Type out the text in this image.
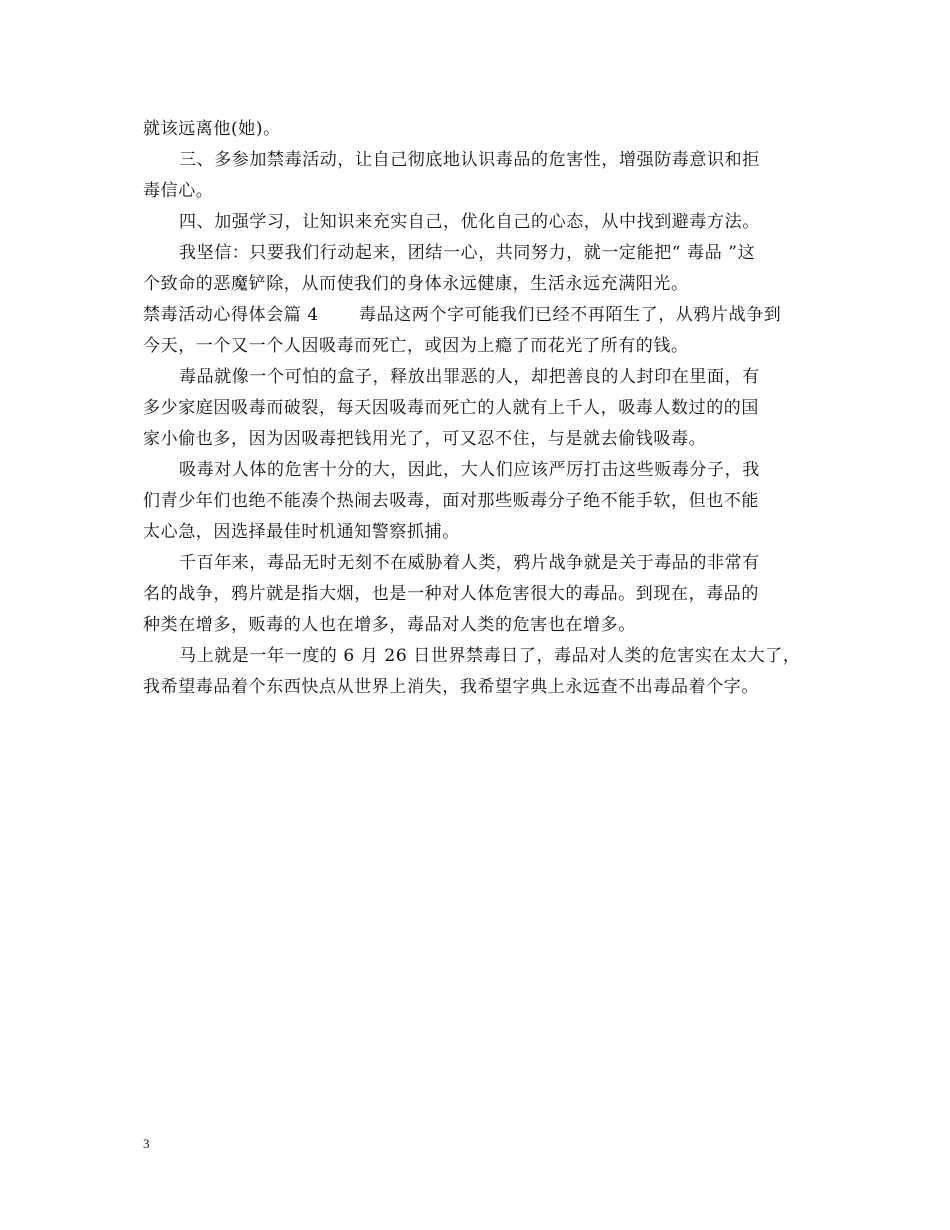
就该远离他(她)。
三、多参加禁毒活动，让自己彻底地认识毒品的危害性，增强防毒意识和拒
毒信心。
四、加强学习，让知识来充实自己，优化自己的心态，从中找到避毒方法。
我坚信：只要我们行动起来，团结一心，共同努力，就一定能把“ 毒品 ”这
个致命的恶魔铲除，从而使我们的身体永远健康，生活永远充满阳光。
禁毒活动心得体会篇 4 毒品这两个字可能我们已经不再陌生了，从鸦片战争到
今天，一个又一个人因吸毒而死亡，或因为上瘾了而花光了所有的钱。
毒品就像一个可怕的盒子，释放出罪恶的人，却把善良的人封印在里面，有
多少家庭因吸毒而破裂，每天因吸毒而死亡的人就有上千人，吸毒人数过的的国
家小偷也多，因为因吸毒把钱用光了，可又忍不住，与是就去偷钱吸毒。
吸毒对人体的危害十分的大，因此，大人们应该严厉打击这些贩毒分子，我
们青少年们也绝不能凑个热闹去吸毒，面对那些贩毒分子绝不能手软，但也不能
太心急，因选择最佳时机通知警察抓捕。
千百年来，毒品无时无刻不在威胁着人类，鸦片战争就是关于毒品的非常有
名的战争，鸦片就是指大烟，也是一种对人体危害很大的毒品。到现在，毒品的
种类在增多，贩毒的人也在增多，毒品对人类的危害也在增多。
马上就是一年一度的 6 月 26 日世界禁毒日了，毒品对人类的危害实在太大了，
我希望毒品着个东西快点从世界上消失，我希望字典上永远查不出毒品着个字。
3
